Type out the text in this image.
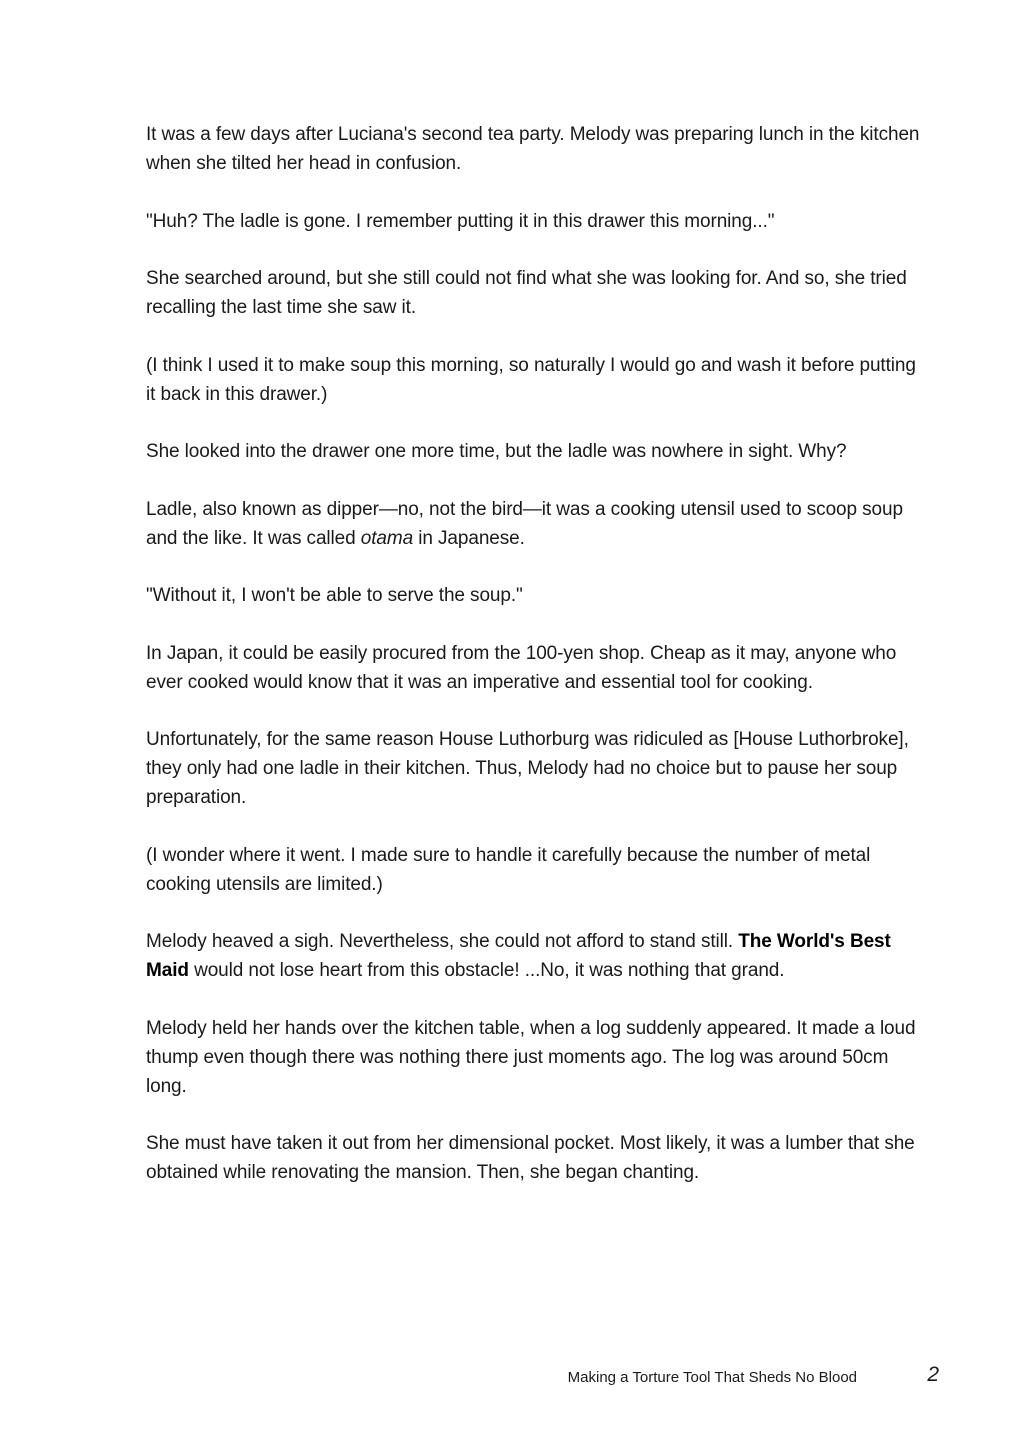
It was a few days after Luciana's second tea party. Melody was preparing lunch in the kitchen when she tilted her head in confusion.

"Huh? The ladle is gone. I remember putting it in this drawer this morning..."

She searched around, but she still could not find what she was looking for. And so, she tried recalling the last time she saw it.

(I think I used it to make soup this morning, so naturally I would go and wash it before putting it back in this drawer.)

She looked into the drawer one more time, but the ladle was nowhere in sight. Why?

Ladle, also known as dipper—no, not the bird—it was a cooking utensil used to scoop soup and the like. It was called otama in Japanese.

"Without it, I won't be able to serve the soup."

In Japan, it could be easily procured from the 100-yen shop. Cheap as it may, anyone who ever cooked would know that it was an imperative and essential tool for cooking.

Unfortunately, for the same reason House Luthorburg was ridiculed as [House Luthorbroke], they only had one ladle in their kitchen. Thus, Melody had no choice but to pause her soup preparation.

(I wonder where it went. I made sure to handle it carefully because the number of metal cooking utensils are limited.)

Melody heaved a sigh. Nevertheless, she could not afford to stand still. The World's Best Maid would not lose heart from this obstacle! ...No, it was nothing that grand.

Melody held her hands over the kitchen table, when a log suddenly appeared. It made a loud thump even though there was nothing there just moments ago. The log was around 50cm long.

She must have taken it out from her dimensional pocket. Most likely, it was a lumber that she obtained while renovating the mansion. Then, she began chanting.

Making a Torture Tool That Sheds No Blood	2
